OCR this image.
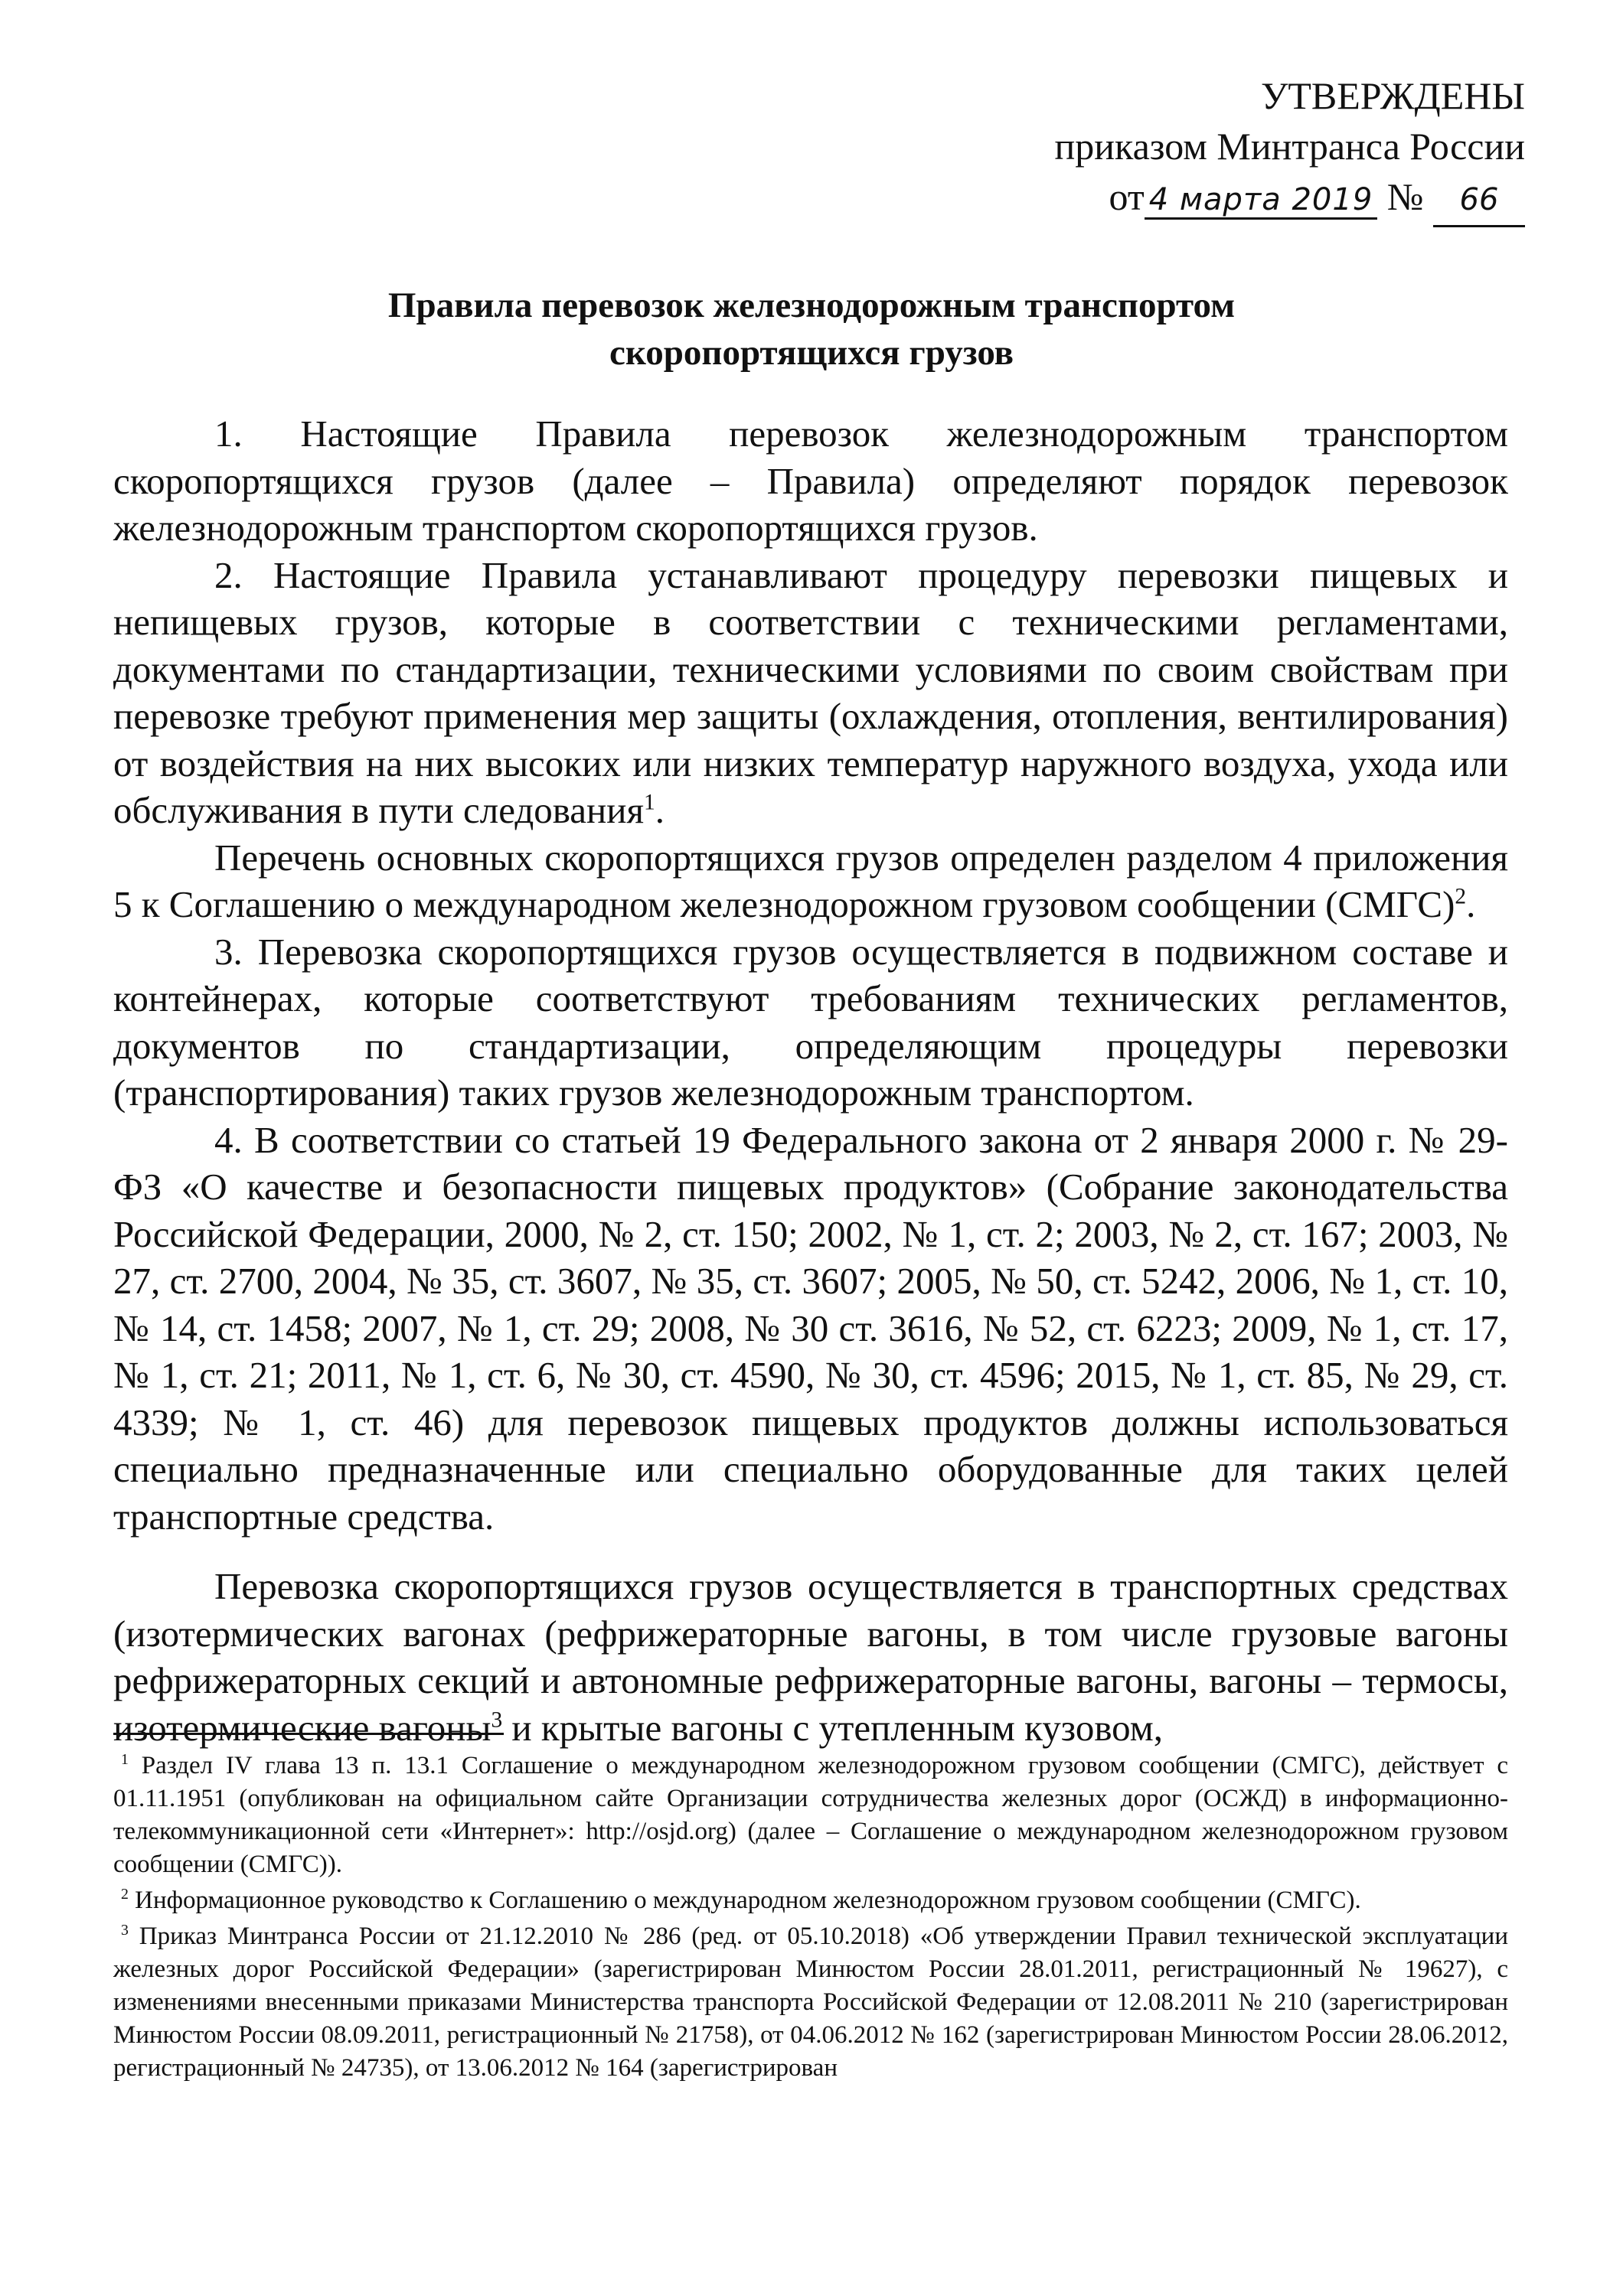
УТВЕРЖДЕНЫ
приказом Минтранса России
от 4 марта 2019 № 66
Правила перевозок железнодорожным транспортом
скоропортящихся грузов

1. Настоящие Правила перевозок железнодорожным транспортом скоропортящихся грузов (далее – Правила) определяют порядок перевозок железнодорожным транспортом скоропортящихся грузов.

2. Настоящие Правила устанавливают процедуру перевозки пищевых и непищевых грузов, которые в соответствии с техническими регламентами, документами по стандартизации, техническими условиями по своим свойствам при перевозке требуют применения мер защиты (охлаждения, отопления, вентилирования) от воздействия на них высоких или низких температур наружного воздуха, ухода или обслуживания в пути следования$^1$.

Перечень основных скоропортящихся грузов определен разделом 4 приложения 5 к Соглашению о международном железнодорожном грузовом сообщении (СМГС)$^2$.

3. Перевозка скоропортящихся грузов осуществляется в подвижном составе и контейнерах, которые соответствуют требованиям технических регламентов, документов по стандартизации, определяющим процедуры перевозки (транспортирования) таких грузов железнодорожным транспортом.

4. В соответствии со статьей 19 Федерального закона от 2 января 2000 г. № 29-ФЗ «О качестве и безопасности пищевых продуктов» (Собрание законодательства Российской Федерации, 2000, № 2, ст. 150; 2002, № 1, ст. 2; 2003, № 2, ст. 167; 2003, № 27, ст. 2700, 2004, № 35, ст. 3607, № 35, ст. 3607; 2005, № 50, ст. 5242, 2006, № 1, ст. 10, № 14, ст. 1458; 2007, № 1, ст. 29; 2008, № 30 ст. 3616, № 52, ст. 6223; 2009, № 1, ст. 17, № 1, ст. 21; 2011, № 1, ст. 6, № 30, ст. 4590, № 30, ст. 4596; 2015, № 1, ст. 85, № 29, ст. 4339; № 1, ст. 46) для перевозок пищевых продуктов должны использоваться специально предназначенные или специально оборудованные для таких целей транспортные средства.

Перевозка скоропортящихся грузов осуществляется в транспортных средствах (изотермических вагонах (рефрижераторные вагоны, в том числе грузовые вагоны рефрижераторных секций и автономные рефрижераторные вагоны, вагоны – термосы, изотермические вагоны$^3$ и крытые вагоны с утепленным кузовом,

$^1$ Раздел IV глава 13 п. 13.1 Соглашение о международном железнодорожном грузовом сообщении (СМГС), действует с 01.11.1951 (опубликован на официальном сайте Организации сотрудничества железных дорог (ОСЖД) в информационно-телекоммуникационной сети «Интернет»: http://osjd.org) (далее – Соглашение о международном железнодорожном грузовом сообщении (СМГС)).

$^2$ Информационное руководство к Соглашению о международном железнодорожном грузовом сообщении (СМГС).

$^3$ Приказ Минтранса России от 21.12.2010 № 286 (ред. от 05.10.2018) «Об утверждении Правил технической эксплуатации железных дорог Российской Федерации» (зарегистрирован Минюстом России 28.01.2011, регистрационный № 19627), с изменениями внесенными приказами Министерства транспорта Российской Федерации от 12.08.2011 № 210 (зарегистрирован Минюстом России 08.09.2011, регистрационный № 21758), от 04.06.2012 № 162 (зарегистрирован Минюстом России 28.06.2012, регистрационный № 24735), от 13.06.2012 № 164 (зарегистрирован
